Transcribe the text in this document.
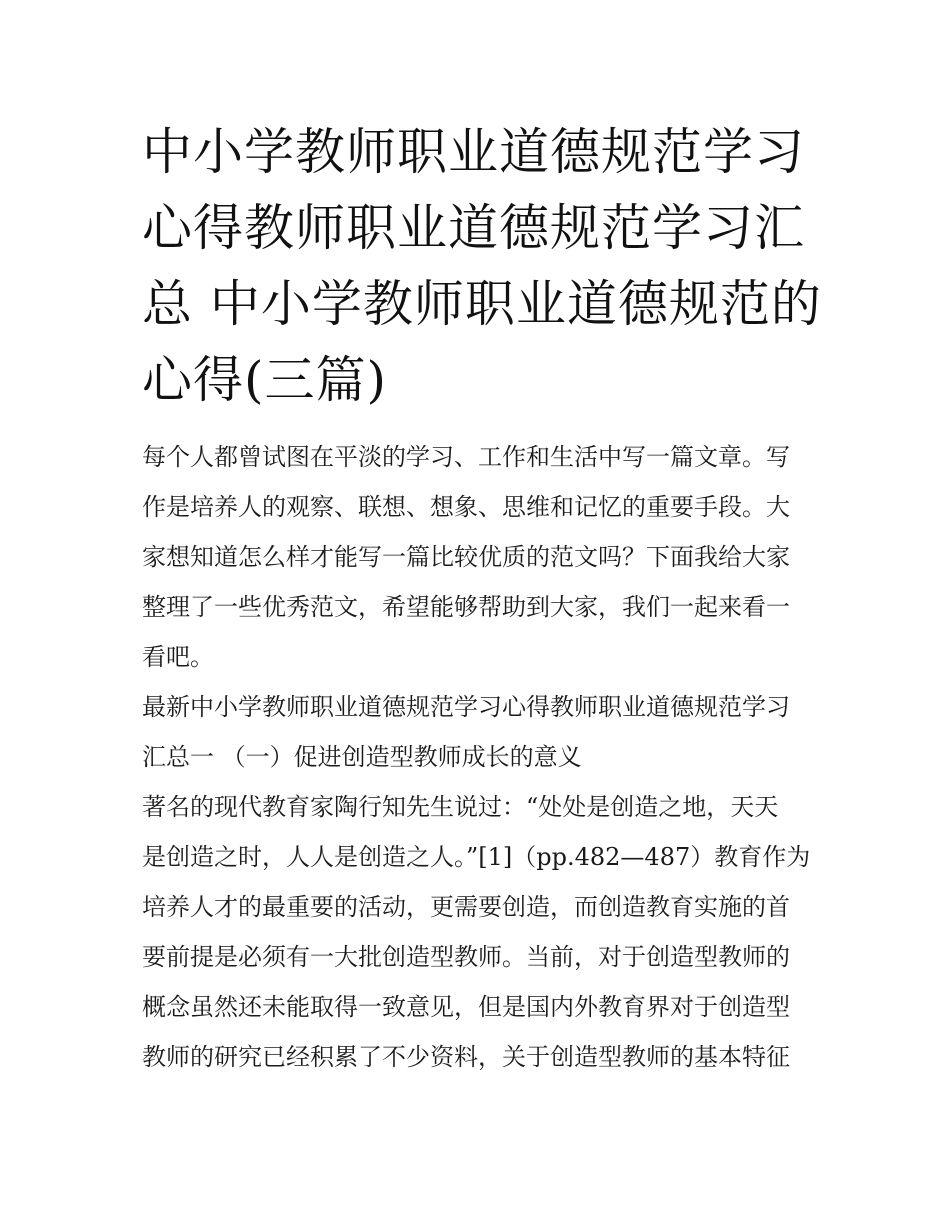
中小学教师职业道德规范学习
心得教师职业道德规范学习汇
总 中小学教师职业道德规范的
心得(三篇)
每个人都曾试图在平淡的学习、工作和生活中写一篇文章。写
作是培养人的观察、联想、想象、思维和记忆的重要手段。大
家想知道怎么样才能写一篇比较优质的范文吗？下面我给大家
整理了一些优秀范文，希望能够帮助到大家，我们一起来看一
看吧。
最新中小学教师职业道德规范学习心得教师职业道德规范学习
汇总一 （一）促进创造型教师成长的意义
著名的现代教育家陶行知先生说过：“处处是创造之地，天天
是创造之时，人人是创造之人。”[1]（pp.482—487）教育作为
培养人才的最重要的活动，更需要创造，而创造教育实施的首
要前提是必须有一大批创造型教师。当前，对于创造型教师的
概念虽然还未能取得一致意见，但是国内外教育界对于创造型
教师的研究已经积累了不少资料，关于创造型教师的基本特征
